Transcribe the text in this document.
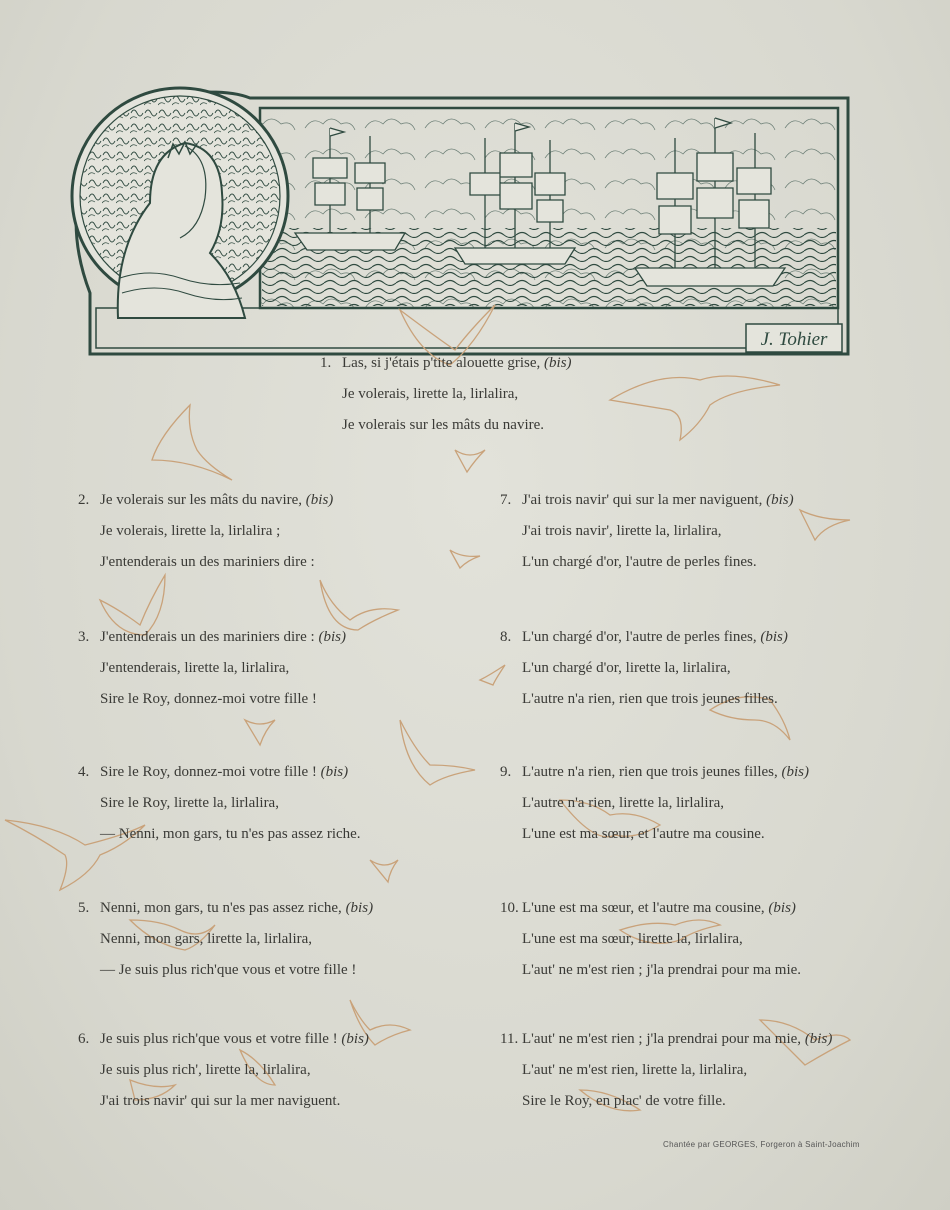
J. Tohier
1. Las, si j'étais p'tite alouette grise, (bis)
Je volerais, lirette la, lirlalira,
Je volerais sur les mâts du navire.
2. Je volerais sur les mâts du navire, (bis)
Je volerais, lirette la, lirlalira ;
J'entenderais un des mariniers dire :
3. J'entenderais un des mariniers dire : (bis)
J'entenderais, lirette la, lirlalira,
Sire le Roy, donnez-moi votre fille !
4. Sire le Roy, donnez-moi votre fille ! (bis)
Sire le Roy, lirette la, lirlalira,
— Nenni, mon gars, tu n'es pas assez riche.
5. Nenni, mon gars, tu n'es pas assez riche, (bis)
Nenni, mon gars, lirette la, lirlalira,
— Je suis plus rich'que vous et votre fille !
6. Je suis plus rich'que vous et votre fille ! (bis)
Je suis plus rich', lirette la, lirlalira,
J'ai trois navir' qui sur la mer naviguent.
7. J'ai trois navir' qui sur la mer naviguent, (bis)
J'ai trois navir', lirette la, lirlalira,
L'un chargé d'or, l'autre de perles fines.
8. L'un chargé d'or, l'autre de perles fines, (bis)
L'un chargé d'or, lirette la, lirlalira,
L'autre n'a rien, rien que trois jeunes filles.
9. L'autre n'a rien, rien que trois jeunes filles, (bis)
L'autre n'a rien, lirette la, lirlalira,
L'une est ma sœur, et l'autre ma cousine.
10. L'une est ma sœur, et l'autre ma cousine, (bis)
L'une est ma sœur, lirette la, lirlalira,
L'aut' ne m'est rien ; j'la prendrai pour ma mie.
11. L'aut' ne m'est rien ; j'la prendrai pour ma mie, (bis)
L'aut' ne m'est rien, lirette la, lirlalira,
Sire le Roy, en plac' de votre fille.
Chantée par GEORGES, Forgeron à Saint-Joachim
